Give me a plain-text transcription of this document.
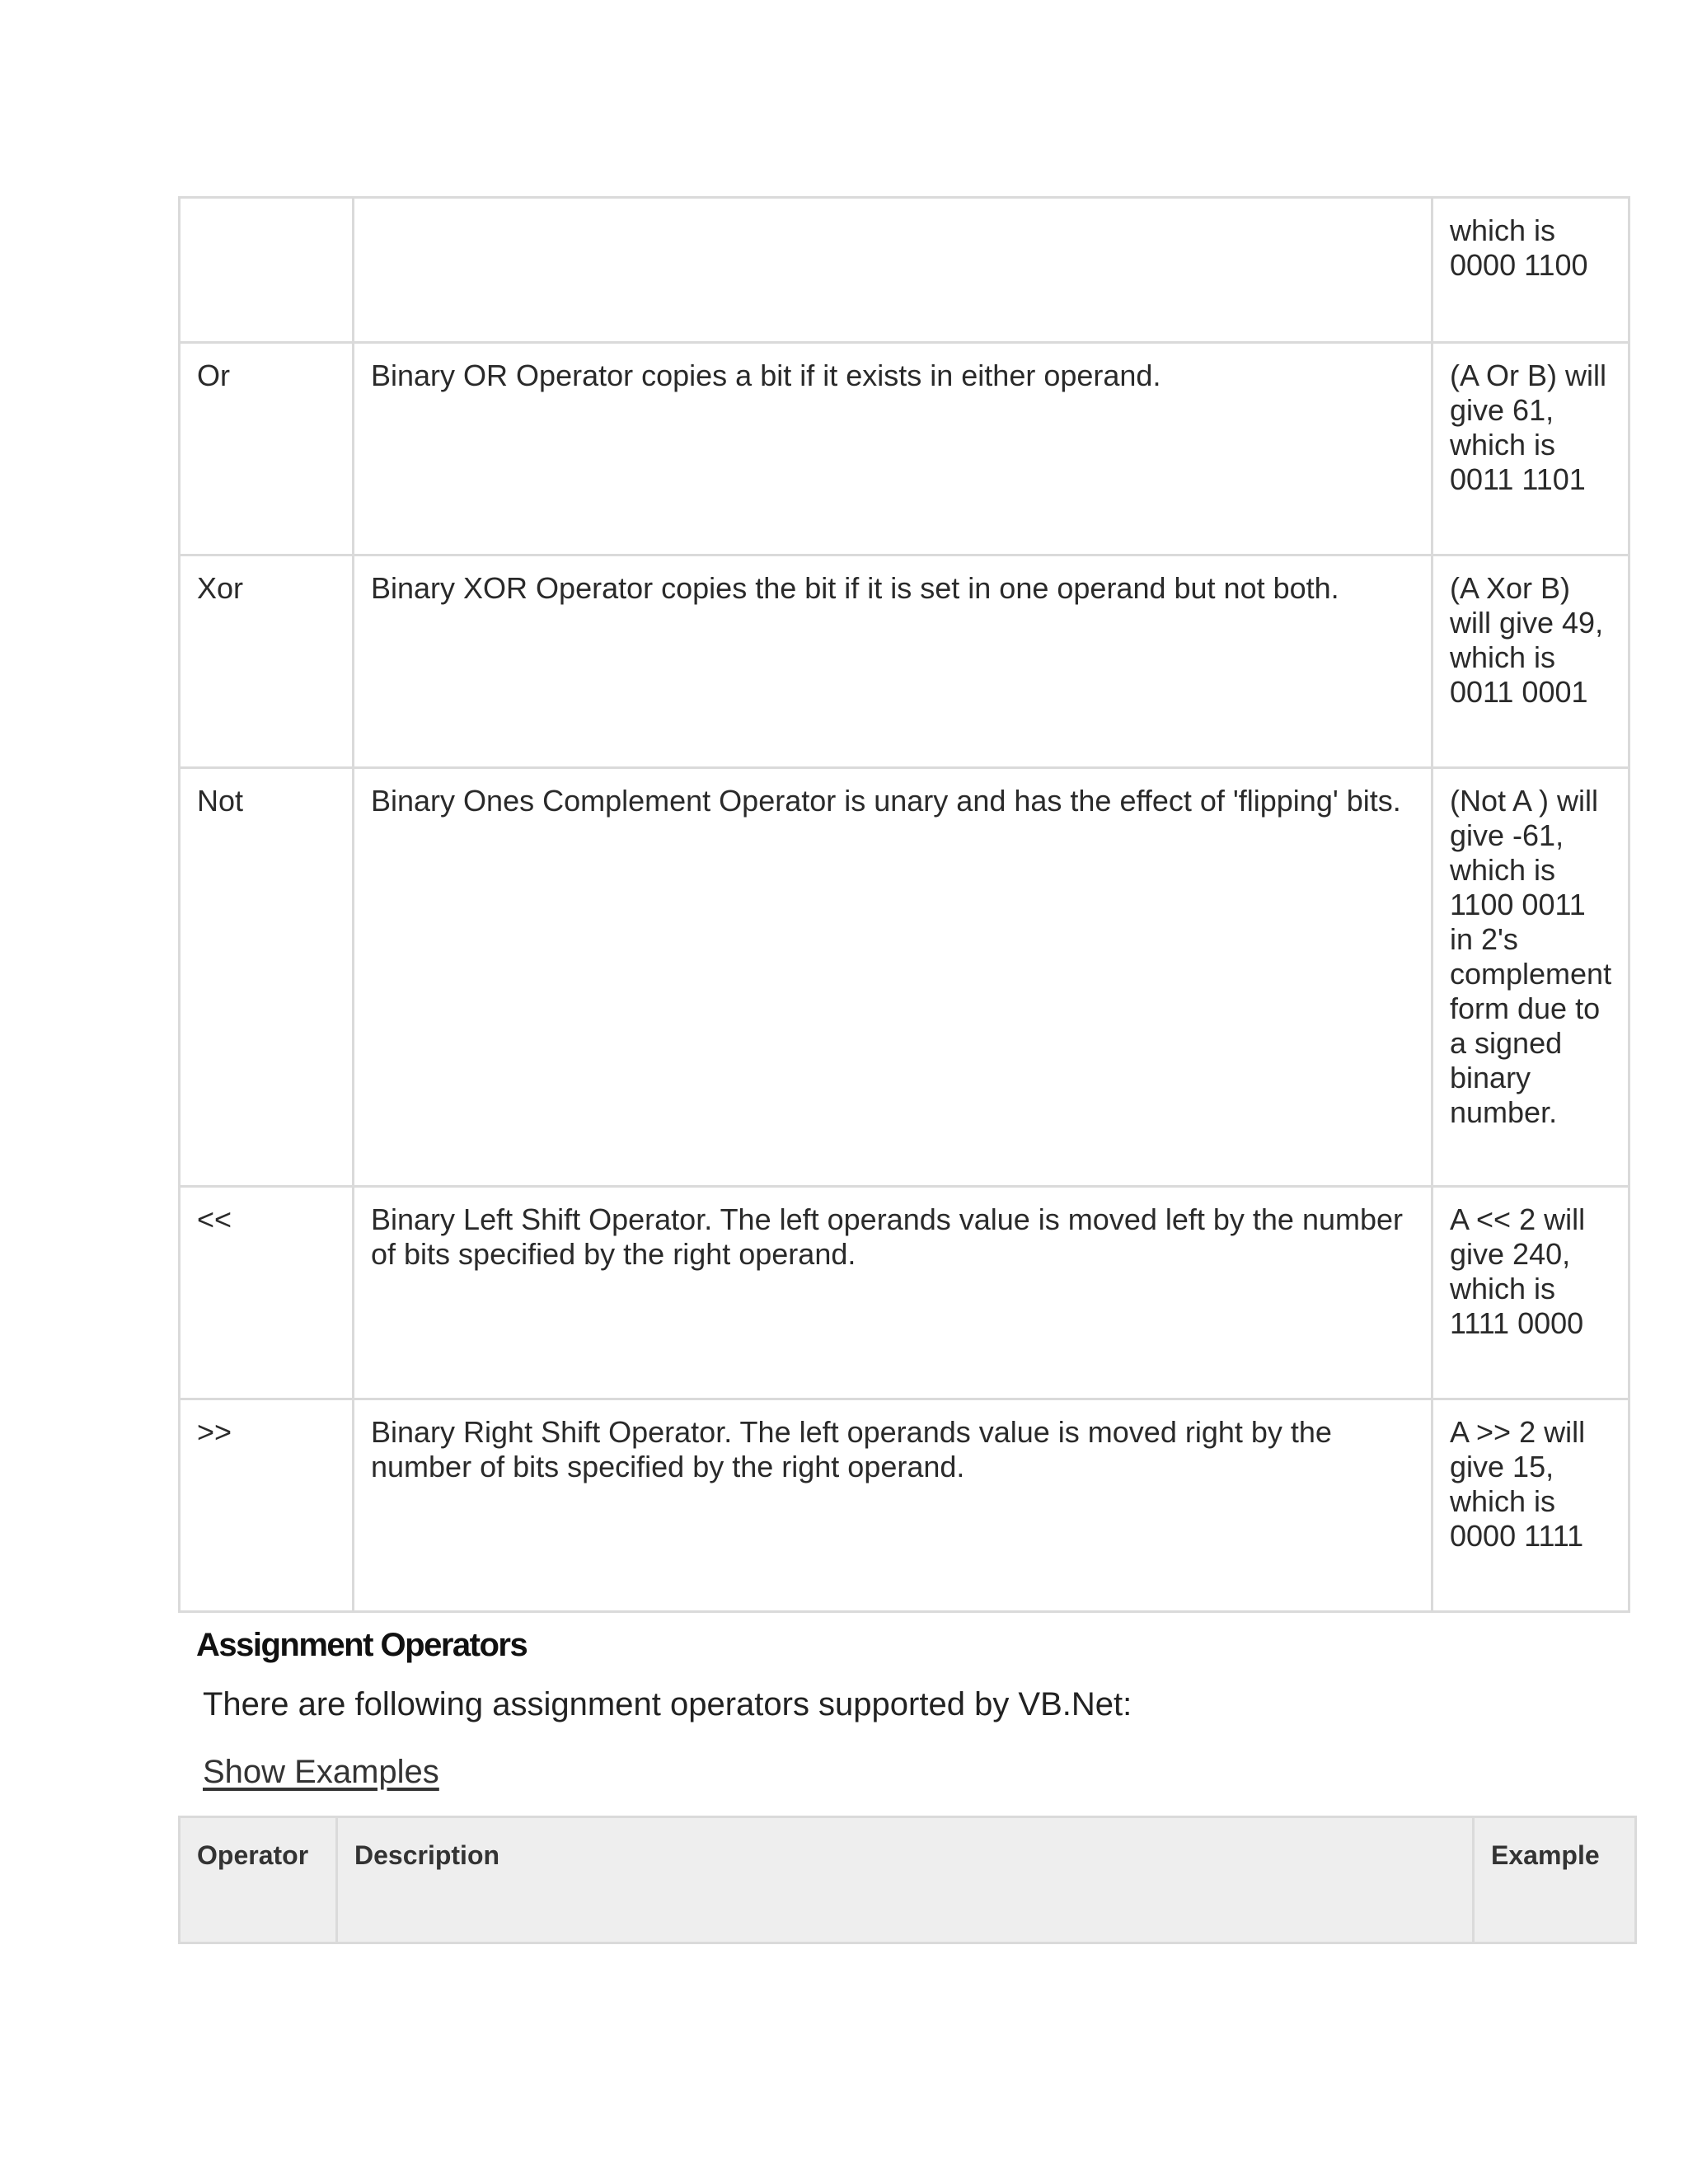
		which is 0000 1100
Or	Binary OR Operator copies a bit if it exists in either operand.	(A Or B) will give 61, which is 0011 1101
Xor	Binary XOR Operator copies the bit if it is set in one operand but not both.	(A Xor B) will give 49, which is 0011 0001
Not	Binary Ones Complement Operator is unary and has the effect of 'flipping' bits.	(Not A ) will give -61, which is 1100 0011 in 2's complement form due to a signed binary number.
<<	Binary Left Shift Operator. The left operands value is moved left by the number of bits specified by the right operand.	A << 2 will give 240, which is 1111 0000
>>	Binary Right Shift Operator. The left operands value is moved right by the number of bits specified by the right operand.	A >> 2 will give 15, which is 0000 1111
Assignment Operators

There are following assignment operators supported by VB.Net:

Show Examples
Operator	Description	Example
